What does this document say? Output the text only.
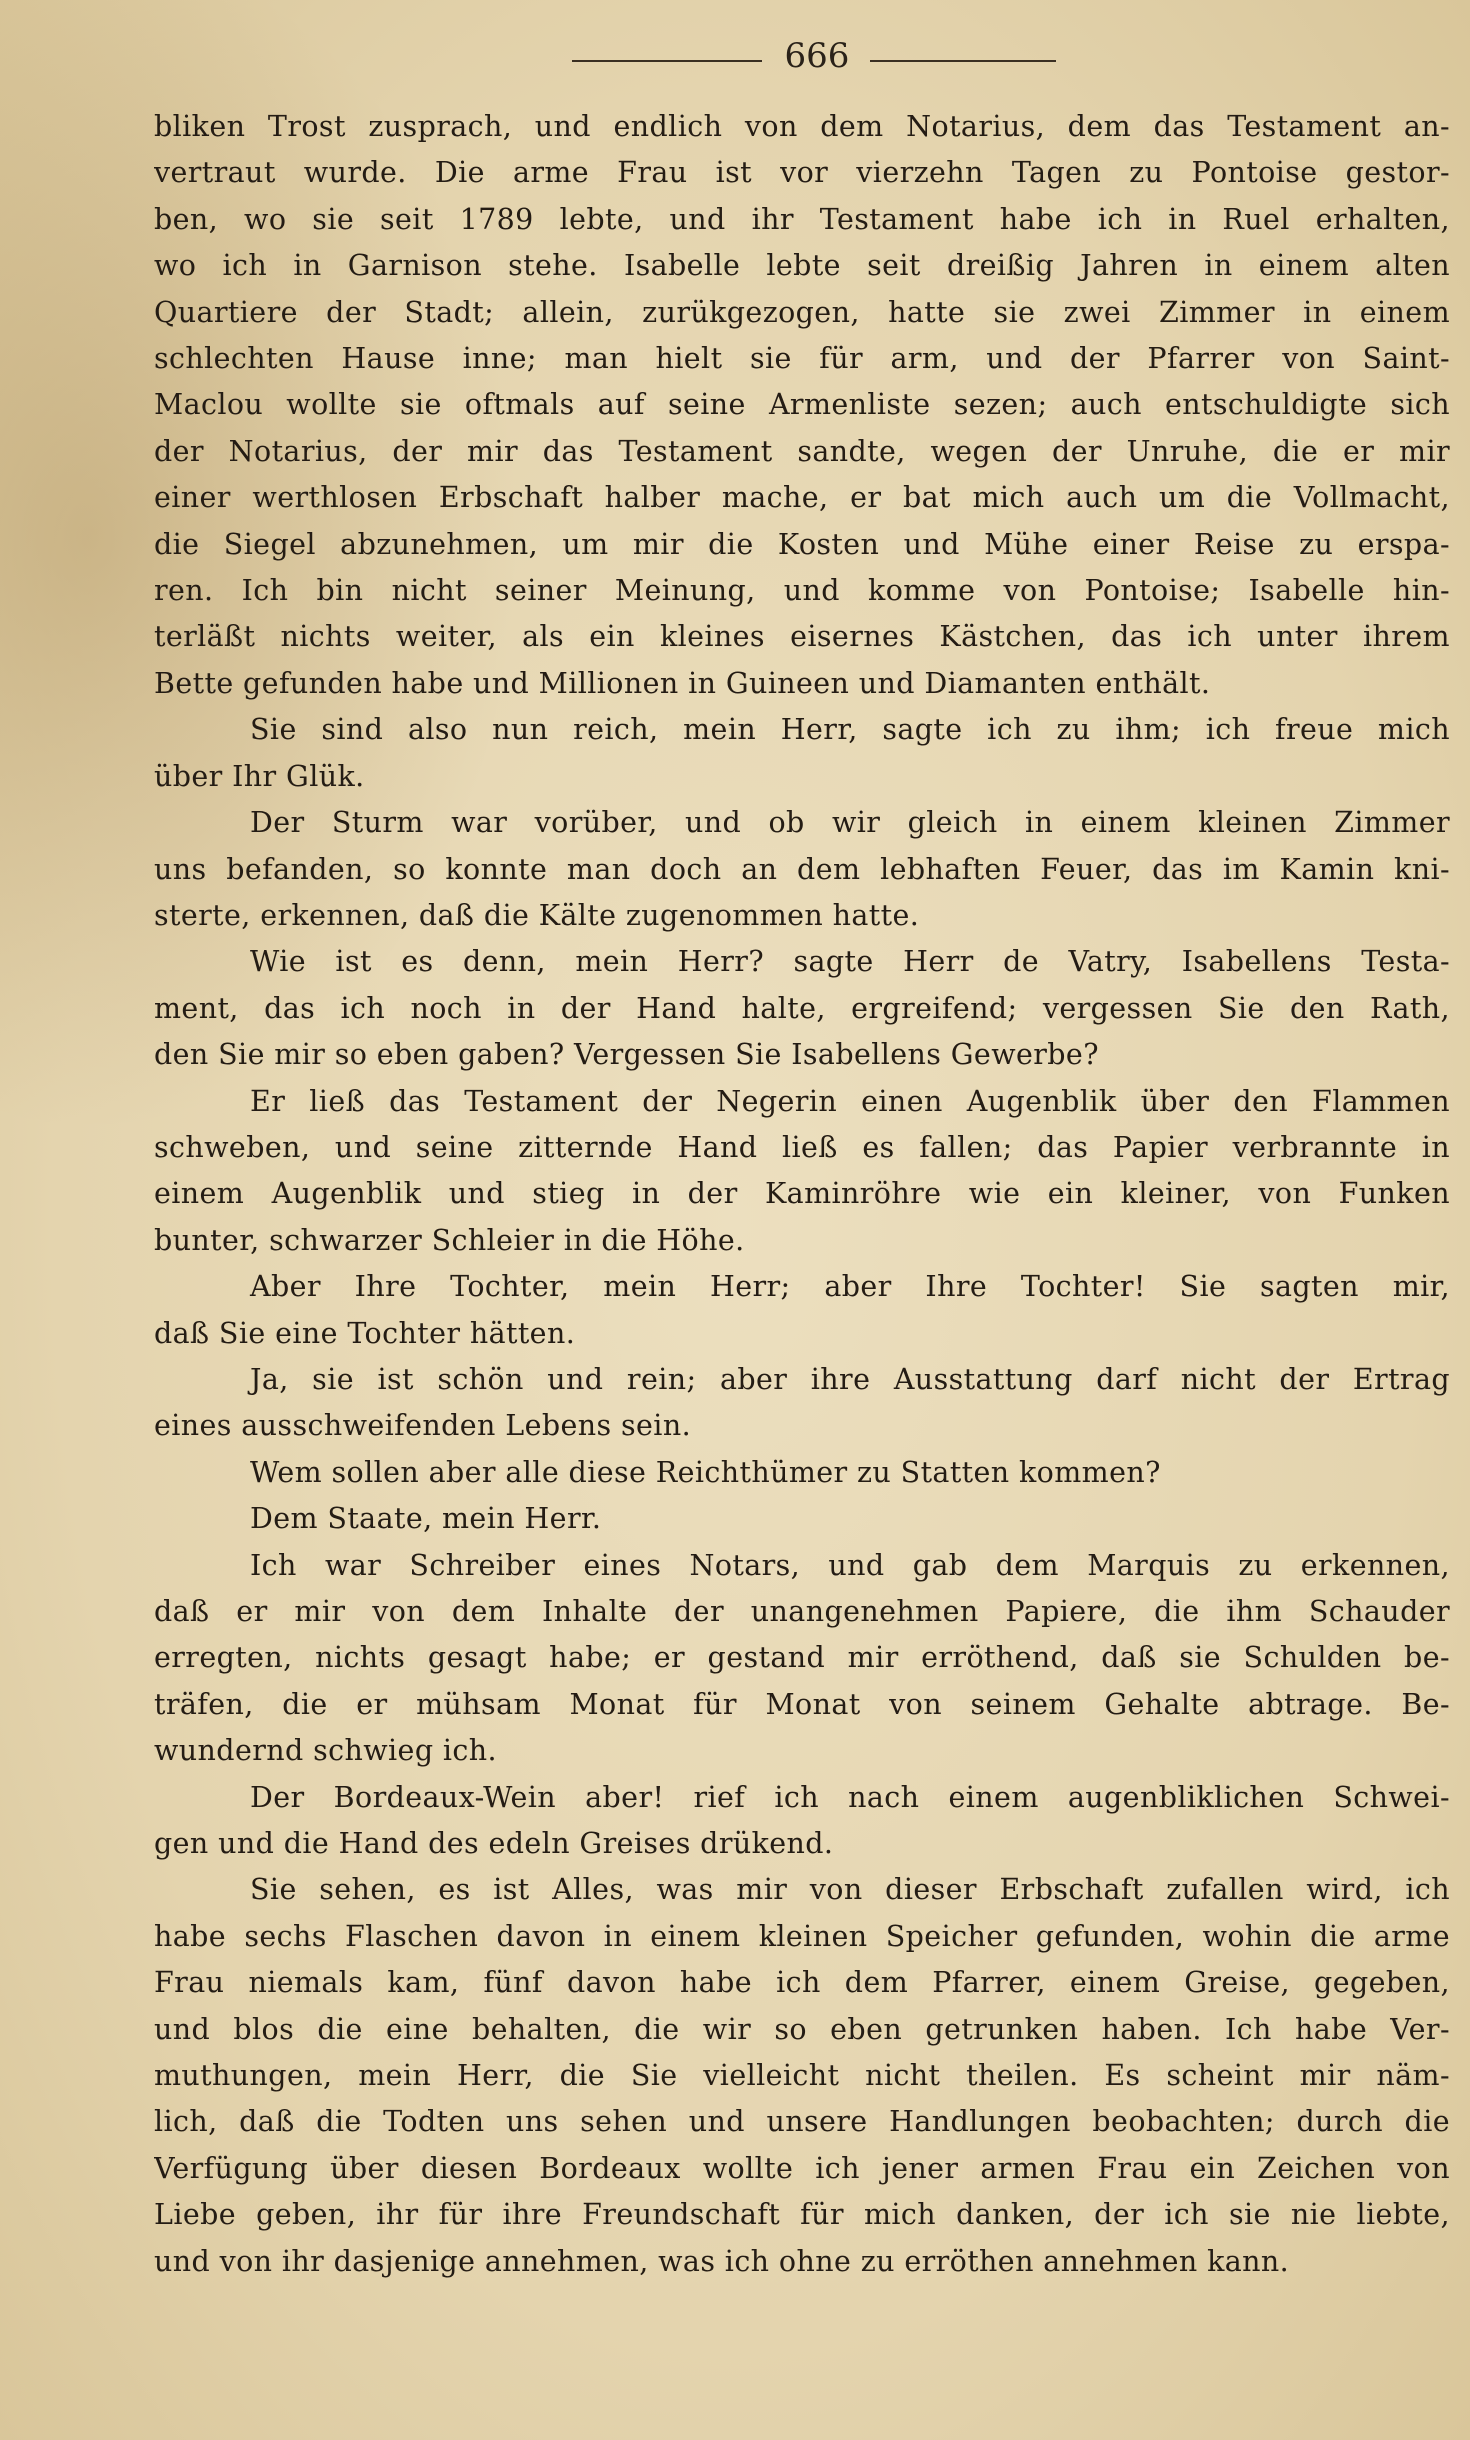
666
bliken Trost zusprach, und endlich von dem Notarius, dem das Testament an-
vertraut wurde. Die arme Frau ist vor vierzehn Tagen zu Pontoise gestor-
ben, wo sie seit 1789 lebte, und ihr Testament habe ich in Ruel erhalten,
wo ich in Garnison stehe. Isabelle lebte seit dreißig Jahren in einem alten
Quartiere der Stadt; allein, zurükgezogen, hatte sie zwei Zimmer in einem
schlechten Hause inne; man hielt sie für arm, und der Pfarrer von Saint-
Maclou wollte sie oftmals auf seine Armenliste sezen; auch entschuldigte sich
der Notarius, der mir das Testament sandte, wegen der Unruhe, die er mir
einer werthlosen Erbschaft halber mache, er bat mich auch um die Vollmacht,
die Siegel abzunehmen, um mir die Kosten und Mühe einer Reise zu erspa-
ren. Ich bin nicht seiner Meinung, und komme von Pontoise; Isabelle hin-
terläßt nichts weiter, als ein kleines eisernes Kästchen, das ich unter ihrem
Bette gefunden habe und Millionen in Guineen und Diamanten enthält.
Sie sind also nun reich, mein Herr, sagte ich zu ihm; ich freue mich
über Ihr Glük.
Der Sturm war vorüber, und ob wir gleich in einem kleinen Zimmer
uns befanden, so konnte man doch an dem lebhaften Feuer, das im Kamin kni-
sterte, erkennen, daß die Kälte zugenommen hatte.
Wie ist es denn, mein Herr? sagte Herr de Vatry, Isabellens Testa-
ment, das ich noch in der Hand halte, ergreifend; vergessen Sie den Rath,
den Sie mir so eben gaben? Vergessen Sie Isabellens Gewerbe?
Er ließ das Testament der Negerin einen Augenblik über den Flammen
schweben, und seine zitternde Hand ließ es fallen; das Papier verbrannte in
einem Augenblik und stieg in der Kaminröhre wie ein kleiner, von Funken
bunter, schwarzer Schleier in die Höhe.
Aber Ihre Tochter, mein Herr; aber Ihre Tochter! Sie sagten mir,
daß Sie eine Tochter hätten.
Ja, sie ist schön und rein; aber ihre Ausstattung darf nicht der Ertrag
eines ausschweifenden Lebens sein.
Wem sollen aber alle diese Reichthümer zu Statten kommen?
Dem Staate, mein Herr.
Ich war Schreiber eines Notars, und gab dem Marquis zu erkennen,
daß er mir von dem Inhalte der unangenehmen Papiere, die ihm Schauder
erregten, nichts gesagt habe; er gestand mir erröthend, daß sie Schulden be-
träfen, die er mühsam Monat für Monat von seinem Gehalte abtrage. Be-
wundernd schwieg ich.
Der Bordeaux-Wein aber! rief ich nach einem augenbliklichen Schwei-
gen und die Hand des edeln Greises drükend.
Sie sehen, es ist Alles, was mir von dieser Erbschaft zufallen wird, ich
habe sechs Flaschen davon in einem kleinen Speicher gefunden, wohin die arme
Frau niemals kam, fünf davon habe ich dem Pfarrer, einem Greise, gegeben,
und blos die eine behalten, die wir so eben getrunken haben. Ich habe Ver-
muthungen, mein Herr, die Sie vielleicht nicht theilen. Es scheint mir näm-
lich, daß die Todten uns sehen und unsere Handlungen beobachten; durch die
Verfügung über diesen Bordeaux wollte ich jener armen Frau ein Zeichen von
Liebe geben, ihr für ihre Freundschaft für mich danken, der ich sie nie liebte,
und von ihr dasjenige annehmen, was ich ohne zu erröthen annehmen kann.
